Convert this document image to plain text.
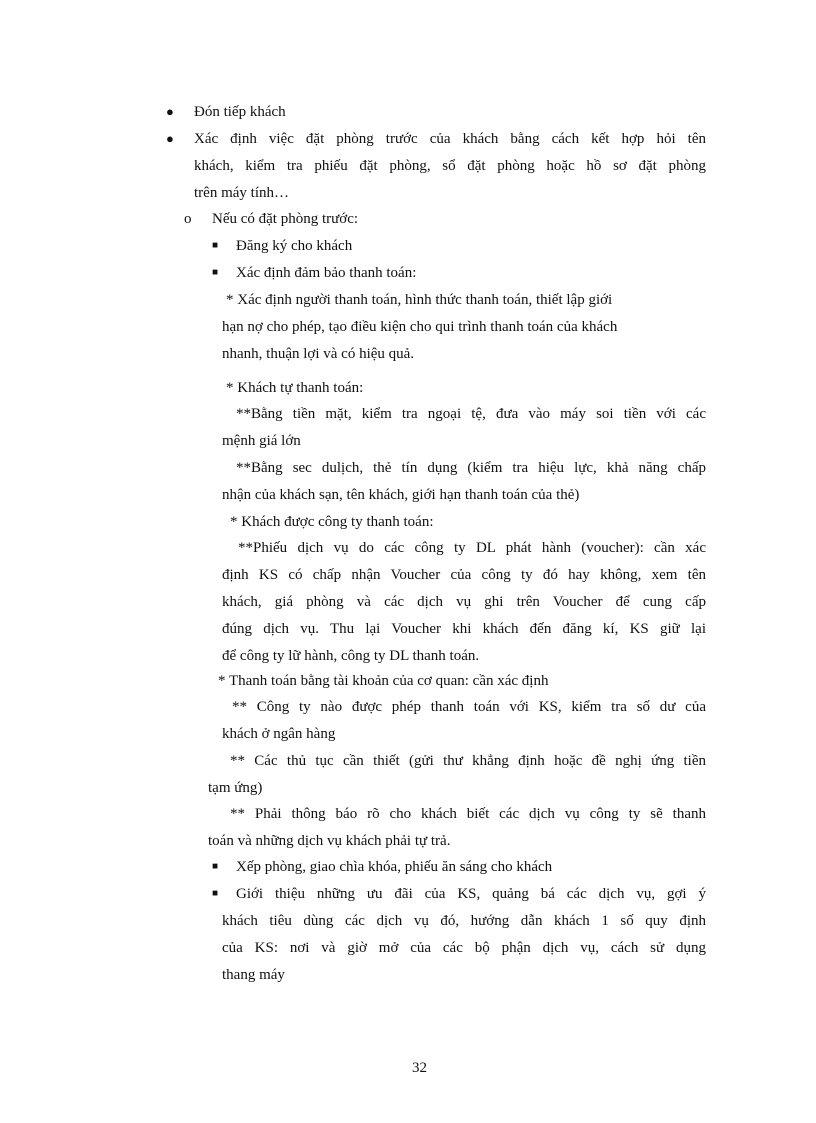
●
●
o
■
■
■
■
Đón tiếp khách
Xác định việc đặt phòng trước của khách bằng cách kết hợp hỏi tên
khách, kiểm tra phiếu đặt phòng, sổ đặt phòng hoặc hồ sơ đặt phòng
trên máy tính…
Nếu có đặt phòng trước:
Đăng ký cho khách
Xác định đảm bảo thanh toán:
* Xác định người thanh toán, hình thức thanh toán, thiết lập giới
hạn nợ cho phép, tạo điều kiện cho qui trình thanh toán của khách
nhanh, thuận lợi và có hiệu quả.
* Khách tự thanh toán:
**Bằng tiền mặt, kiểm tra ngoại tệ, đưa vào máy soi tiền với các
mệnh giá lớn
**Bằng sec dulịch, thẻ tín dụng (kiểm tra hiệu lực, khả năng chấp
nhận của khách sạn, tên khách, giới hạn thanh toán của thẻ)
* Khách được công ty thanh toán:
**Phiếu dịch vụ do các công ty DL phát hành (voucher): cần xác
định KS có chấp nhận Voucher của công ty đó hay không, xem tên
khách, giá phòng và các dịch vụ ghi trên Voucher để cung cấp
đúng dịch vụ. Thu lại Voucher khi khách đến đăng kí, KS giữ lại
để công ty lữ hành, công ty DL thanh toán.
* Thanh toán bằng tài khoản của cơ quan: cần xác định
** Công ty nào được phép thanh toán với KS, kiểm tra số dư của
khách ở ngân hàng
** Các thủ tục cần thiết (gửi thư khẳng định hoặc đề nghị ứng tiền
tạm ứng)
** Phải thông báo rõ cho khách biết các dịch vụ công ty sẽ thanh
toán và những dịch vụ khách phải tự trả.
Xếp phòng, giao chìa khóa, phiếu ăn sáng cho khách
Giới thiệu những ưu đãi của KS, quảng bá các dịch vụ, gợi ý
khách tiêu dùng các dịch vụ đó, hướng dẫn khách 1 số quy định
của KS: nơi và giờ mở của các bộ phận dịch vụ, cách sử dụng
thang máy
32
